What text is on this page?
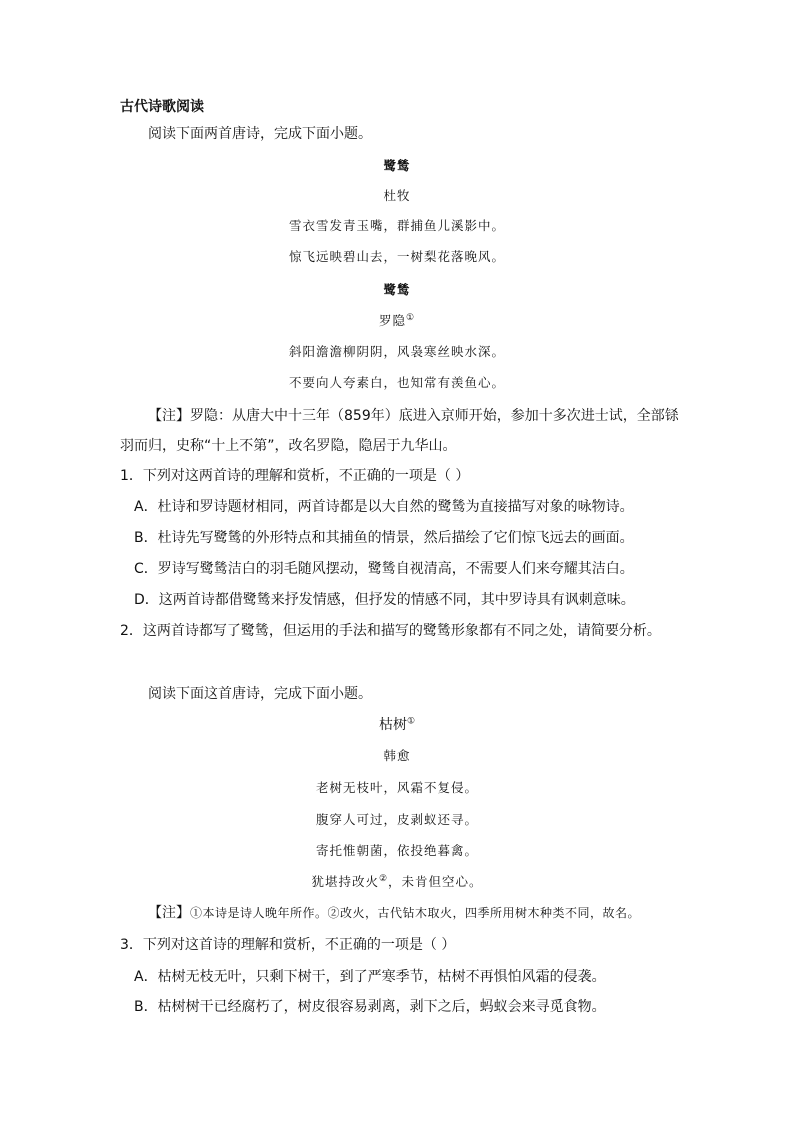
古代诗歌阅读
阅读下面两首唐诗，完成下面小题。
鹭鸶
杜牧
雪衣雪发青玉嘴，群捕鱼儿溪影中。
惊飞远映碧山去，一树梨花落晚风。
鹭鸶
罗隐①
斜阳澹澹柳阴阴，风袅寒丝映水深。
不要向人夸素白，也知常有羡鱼心。
【注】罗隐：从唐大中十三年（859年）底进入京师开始，参加十多次进士试，全部铩
羽而归，史称“十上不第”，改名罗隐，隐居于九华山。
1．下列对这两首诗的理解和赏析，不正确的一项是（ ）
A．杜诗和罗诗题材相同，两首诗都是以大自然的鹭鸶为直接描写对象的咏物诗。
B．杜诗先写鹭鸶的外形特点和其捕鱼的情景，然后描绘了它们惊飞远去的画面。
C．罗诗写鹭鸶洁白的羽毛随风摆动，鹭鸶自视清高，不需要人们来夸耀其洁白。
D．这两首诗都借鹭鸶来抒发情感，但抒发的情感不同，其中罗诗具有讽刺意味。
2．这两首诗都写了鹭鸶，但运用的手法和描写的鹭鸶形象都有不同之处，请简要分析。
阅读下面这首唐诗，完成下面小题。
枯树①
韩愈
老树无枝叶，风霜不复侵。
腹穿人可过，皮剥蚁还寻。
寄托惟朝菌，依投绝暮禽。
犹堪持改火②，未肯但空心。
【注】①本诗是诗人晚年所作。②改火，古代钻木取火，四季所用树木种类不同，故名。
3．下列对这首诗的理解和赏析，不正确的一项是（ ）
A．枯树无枝无叶，只剩下树干，到了严寒季节，枯树不再惧怕风霜的侵袭。
B．枯树树干已经腐朽了，树皮很容易剥离，剥下之后，蚂蚁会来寻觅食物。
